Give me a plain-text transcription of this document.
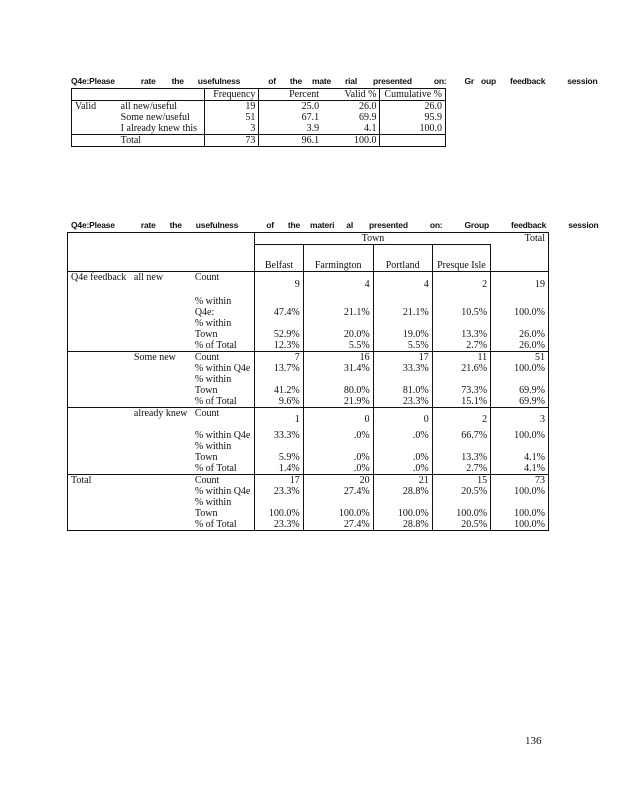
Q4e:Please	rate the usefulness	of the mate rial presented	on: Gr oup feedback	session
		Frequency	Percent	Valid %	Cumulative %
Valid	all new/useful	19	25.0	26.0	26.0
	Some new/useful	51	67.1	69.9	95.9
	I already knew this	3	3.9	4.1	100.0
	Total	73	96.1	100.0	
Q4e:Please	rate the usefulness	of the materi al presented	on:	Group	feedback	session
			Town				Total
			Belfast	Farmington	Portland	Presque Isle	
Q4e feedback	all new	Count	9	4	4	2	19
		% within Q4e:	47.4%	21.1%	21.1%	10.5%	100.0%
		% within Town	52.9%	20.0%	19.0%	13.3%	26.0%
		% of Total	12.3%	5.5%	5.5%	2.7%	26.0%
	Some new	Count	7	16	17	11	51
		% within Q4e	13.7%	31.4%	33.3%	21.6%	100.0%
		% within Town	41.2%	80.0%	81.0%	73.3%	69.9%
		% of Total	9.6%	21.9%	23.3%	15.1%	69.9%
	already knew	Count	1	0	0	2	3
		% within Q4e	33.3%	.0%	.0%	66.7%	100.0%
		% within Town	5.9%	.0%	.0%	13.3%	4.1%
		% of Total	1.4%	.0%	.0%	2.7%	4.1%
Total		Count	17	20	21	15	73
		% within Q4e	23.3%	27.4%	28.8%	20.5%	100.0%
		% within Town	100.0%	100.0%	100.0%	100.0%	100.0%
		% of Total	23.3%	27.4%	28.8%	20.5%	100.0%
136
